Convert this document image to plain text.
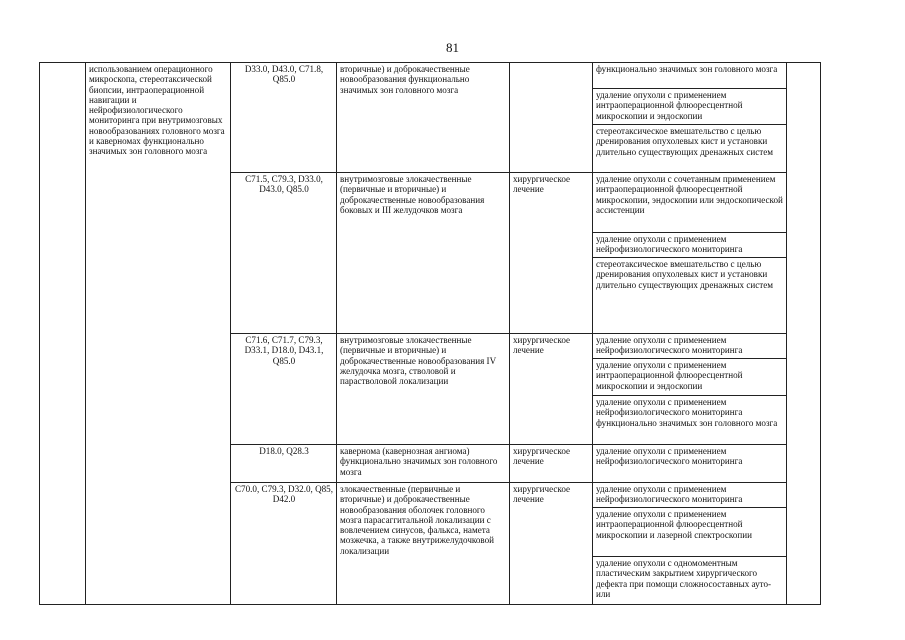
81
	использованием операционного микроскопа, стереотаксической биопсии, интраоперационной навигации и нейрофизиологического мониторинга при внутримозговых новообразованиях головного мозга и каверномах функционально значимых зон головного мозга	D33.0, D43.0, C71.8, Q85.0	вторичные) и доброкачественные новообразования функционально значимых зон головного мозга		функционально значимых зон головного мозга	
					удаление опухоли с применением интраоперационной флюоресцентной микроскопии и эндоскопии	
					стереотаксическое вмешательство с целью дренирования опухолевых кист и установки длительно существующих дренажных систем	
		C71.5, C79.3, D33.0, D43.0, Q85.0	внутримозговые злокачественные (первичные и вторичные) и доброкачественные новообразования боковых и III желудочков мозга	хирургическое лечение	удаление опухоли с сочетанным применением интраоперационной флюоресцентной микроскопии, эндоскопии или эндоскопической ассистенции	
					удаление опухоли с применением нейрофизиологического мониторинга	
					стереотаксическое вмешательство с целью дренирования опухолевых кист и установки длительно существующих дренажных систем	
		C71.6, C71.7, C79.3, D33.1, D18.0, D43.1, Q85.0	внутримозговые злокачественные (первичные и вторичные) и доброкачественные новообразования IV желудочка мозга, стволовой и парастволовой локализации	хирургическое лечение	удаление опухоли с применением нейрофизиологического мониторинга	
					удаление опухоли с применением интраоперационной флюоресцентной микроскопии и эндоскопии	
					удаление опухоли с применением нейрофизиологического мониторинга функционально значимых зон головного мозга	
		D18.0, Q28.3	кавернома (кавернозная ангиома) функционально значимых зон головного мозга	хирургическое лечение	удаление опухоли с применением нейрофизиологического мониторинга	
		C70.0, C79.3, D32.0, Q85, D42.0	злокачественные (первичные и вторичные) и доброкачественные новообразования оболочек головного мозга парасаггитальной локализации с вовлечением синусов, фалькса, намета мозжечка, а также внутрижелудочковой локализации	хирургическое лечение	удаление опухоли с применением нейрофизиологического мониторинга	
					удаление опухоли с применением интраоперационной флюоресцентной микроскопии и лазерной спектроскопии	
					удаление опухоли с одномоментным пластическим закрытием хирургического дефекта при помощи сложносоставных ауто- или	
